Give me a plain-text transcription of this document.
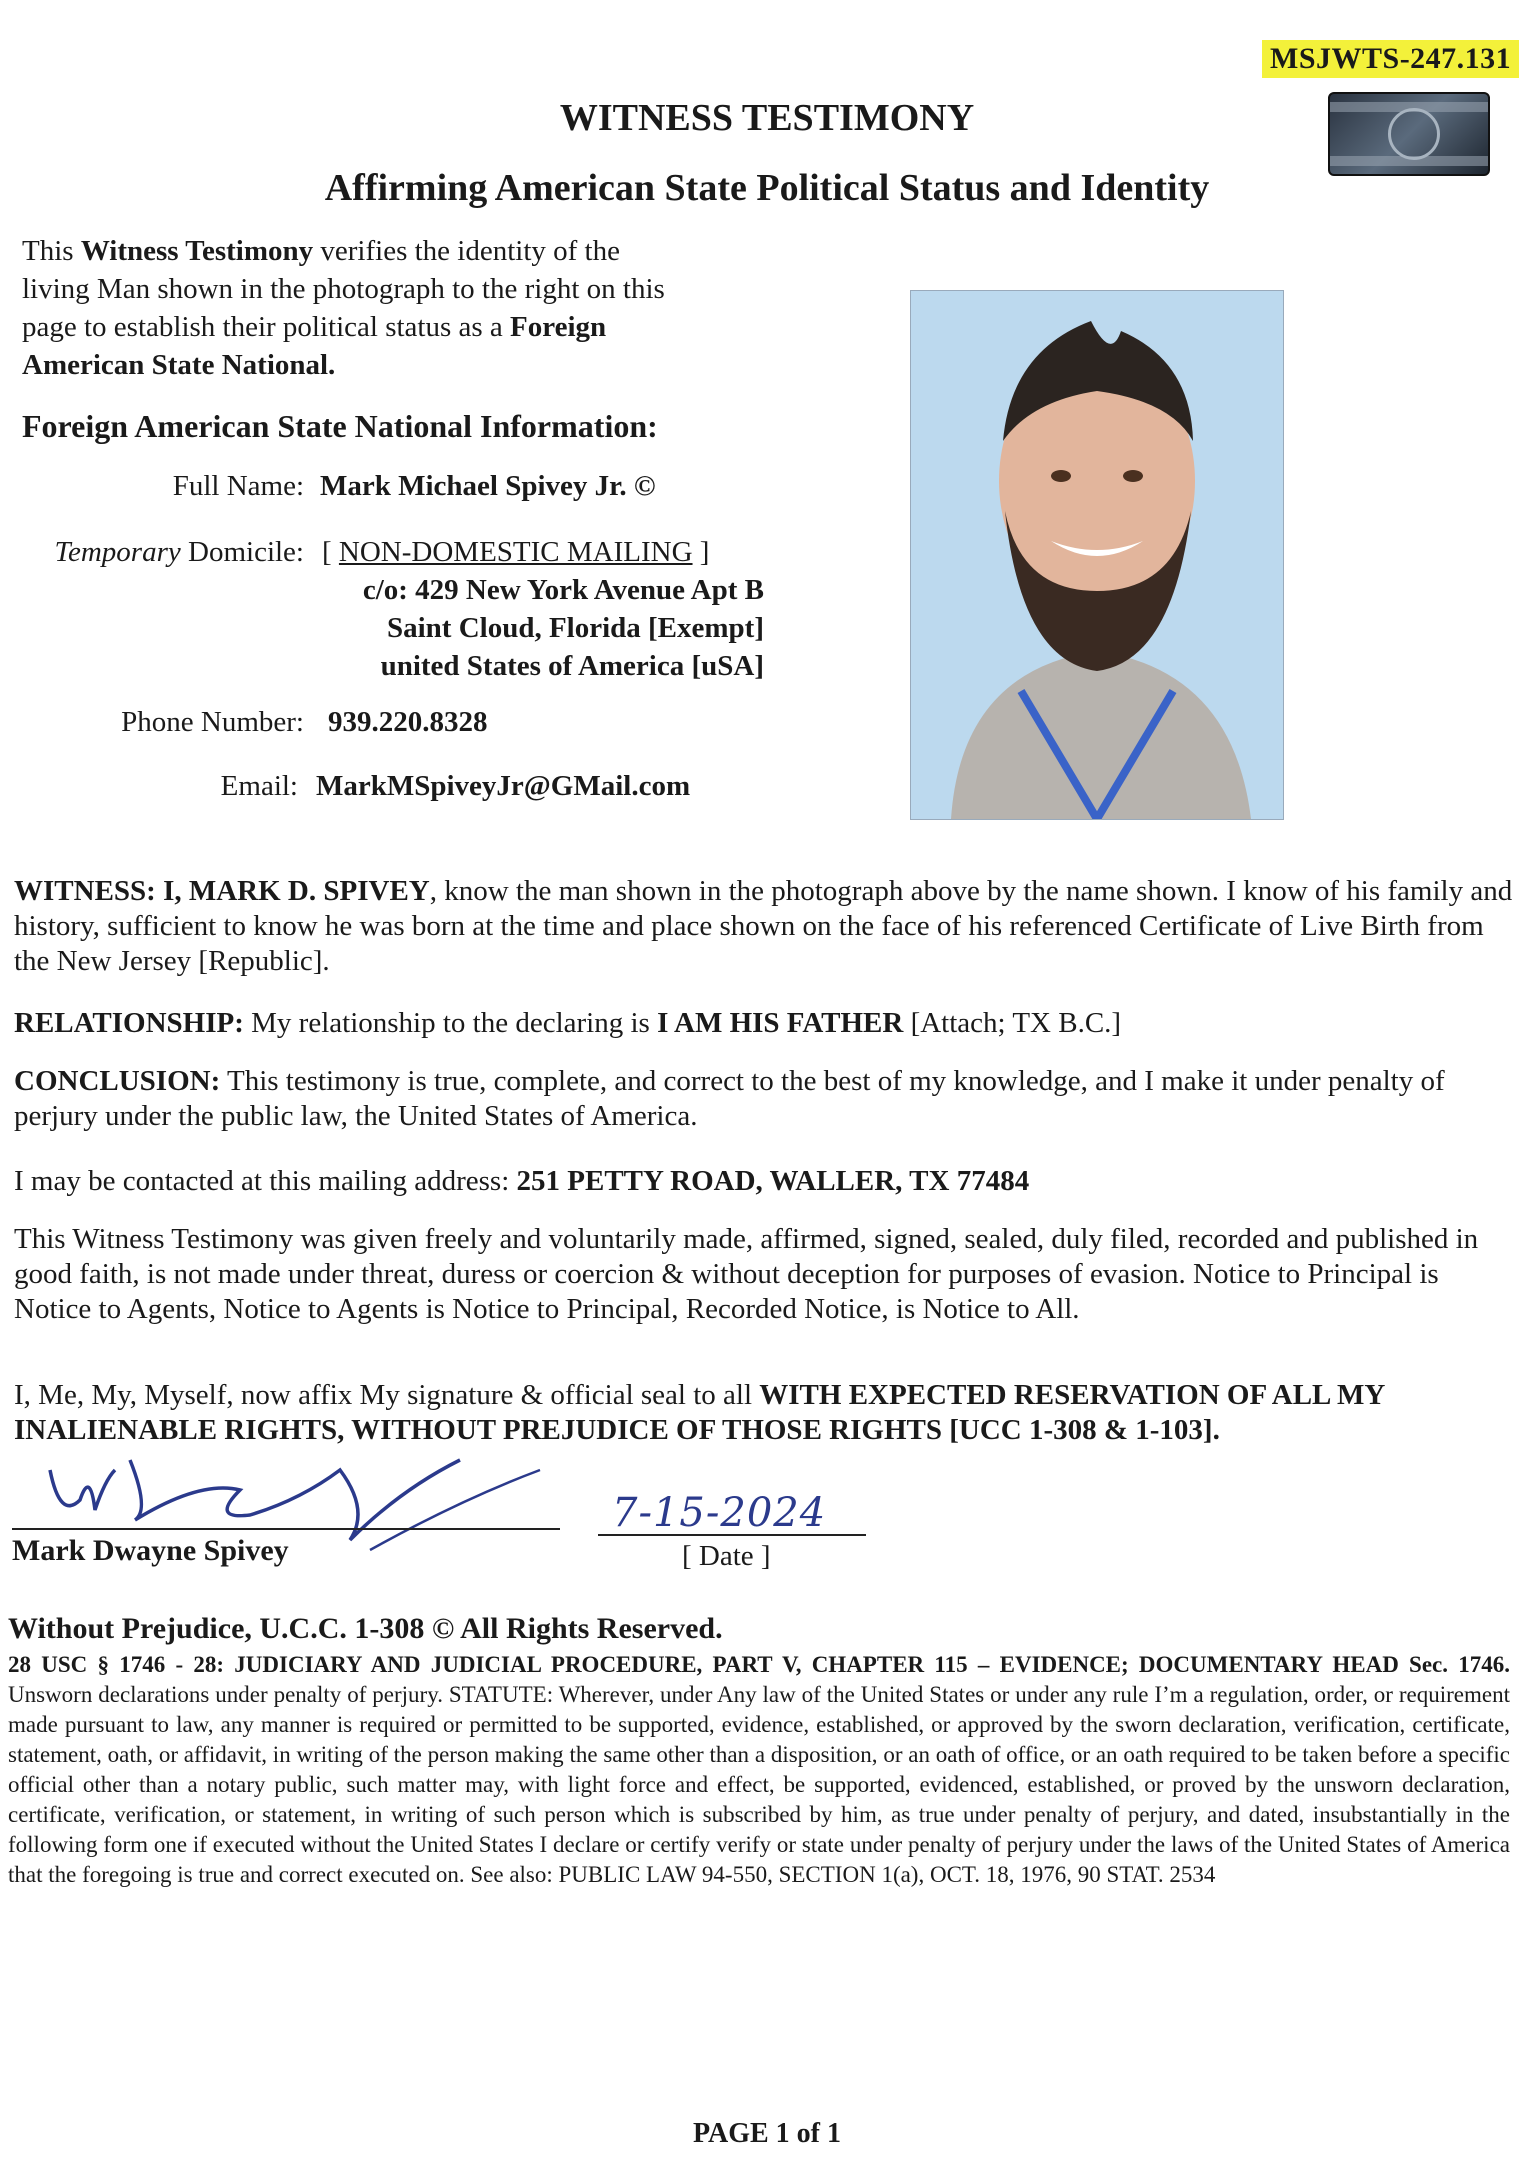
MSJWTS-247.131
WITNESS TESTIMONY
Affirming American State Political Status and Identity
This Witness Testimony verifies the identity of the living Man shown in the photograph to the right on this page to establish their political status as a Foreign American State National.
Foreign American State National Information:
Full Name: Mark Michael Spivey Jr. ©
Temporary Domicile: [ NON-DOMESTIC MAILING ]
c/o: 429 New York Avenue Apt B
Saint Cloud, Florida [Exempt]
united States of America [uSA]
Phone Number: 939.220.8328
Email: MarkMSpiveyJr@GMail.com
WITNESS: I, MARK D. SPIVEY, know the man shown in the photograph above by the name shown. I know of his family and history, sufficient to know he was born at the time and place shown on the face of his referenced Certificate of Live Birth from the New Jersey [Republic].
RELATIONSHIP: My relationship to the declaring is I AM HIS FATHER [Attach; TX B.C.]
CONCLUSION: This testimony is true, complete, and correct to the best of my knowledge, and I make it under penalty of perjury under the public law, the United States of America.
I may be contacted at this mailing address: 251 PETTY ROAD, WALLER, TX 77484
This Witness Testimony was given freely and voluntarily made, affirmed, signed, sealed, duly filed, recorded and published in good faith, is not made under threat, duress or coercion & without deception for purposes of evasion. Notice to Principal is Notice to Agents, Notice to Agents is Notice to Principal, Recorded Notice, is Notice to All.
I, Me, My, Myself, now affix My signature & official seal to all WITH EXPECTED RESERVATION OF ALL MY INALIENABLE RIGHTS, WITHOUT PREJUDICE OF THOSE RIGHTS [UCC 1-308 & 1-103].
Mark Dwayne Spivey
7-15-2024
[ Date ]
Without Prejudice, U.C.C. 1-308 © All Rights Reserved.
28 USC § 1746 - 28: JUDICIARY AND JUDICIAL PROCEDURE, PART V, CHAPTER 115 – EVIDENCE; DOCUMENTARY HEAD Sec. 1746. Unsworn declarations under penalty of perjury. STATUTE: Wherever, under Any law of the United States or under any rule I’m a regulation, order, or requirement made pursuant to law, any manner is required or permitted to be supported, evidence, established, or approved by the sworn declaration, verification, certificate, statement, oath, or affidavit, in writing of the person making the same other than a disposition, or an oath of office, or an oath required to be taken before a specific official other than a notary public, such matter may, with light force and effect, be supported, evidenced, established, or proved by the unsworn declaration, certificate, verification, or statement, in writing of such person which is subscribed by him, as true under penalty of perjury, and dated, insubstantially in the following form one if executed without the United States I declare or certify verify or state under penalty of perjury under the laws of the United States of America that the foregoing is true and correct executed on. See also: PUBLIC LAW 94-550, SECTION 1(a), OCT. 18, 1976, 90 STAT. 2534
PAGE 1 of 1
